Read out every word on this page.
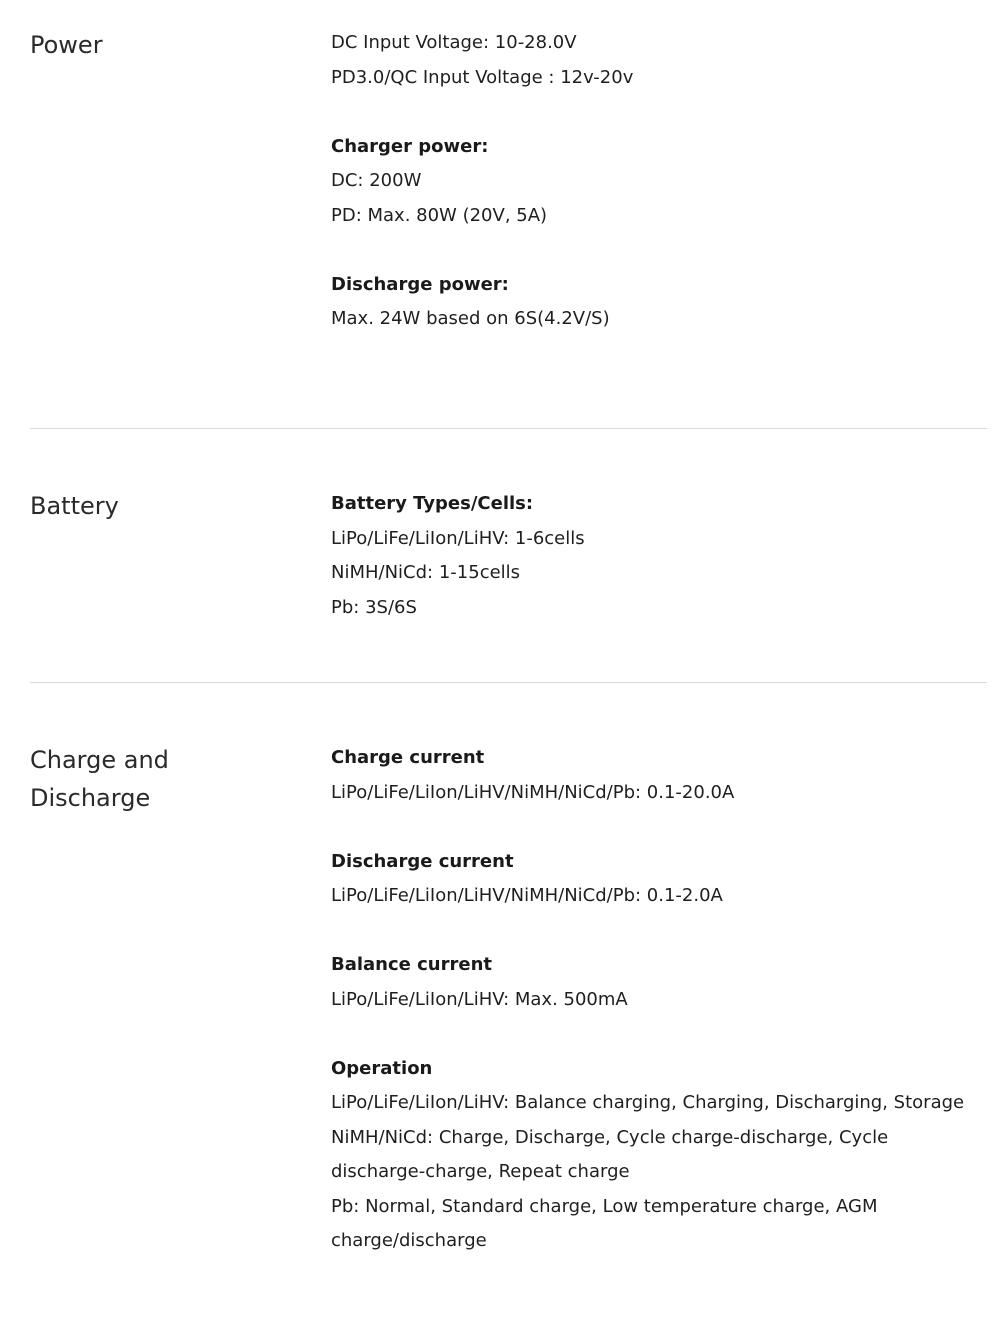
Power	DC Input Voltage: 10-28.0V
PD3.0/QC Input Voltage : 12v-20v
Charger power:
DC: 200W
PD: Max. 80W (20V, 5A)
Discharge power:
Max. 24W based on 6S(4.2V/S)
Battery	Battery Types/Cells:
LiPo/LiFe/LiIon/LiHV: 1-6cells
NiMH/NiCd: 1-15cells
Pb: 3S/6S
Charge and
Discharge
Charge current
LiPo/LiFe/LiIon/LiHV/NiMH/NiCd/Pb: 0.1-20.0A
Discharge current
LiPo/LiFe/LiIon/LiHV/NiMH/NiCd/Pb: 0.1-2.0A
Balance current
LiPo/LiFe/LiIon/LiHV: Max. 500mA
Operation
LiPo/LiFe/LiIon/LiHV: Balance charging, Charging, Discharging, Storage
NiMH/NiCd: Charge, Discharge, Cycle charge-discharge, Cycle
discharge-charge, Repeat charge
Pb: Normal, Standard charge, Low temperature charge, AGM
charge/discharge
